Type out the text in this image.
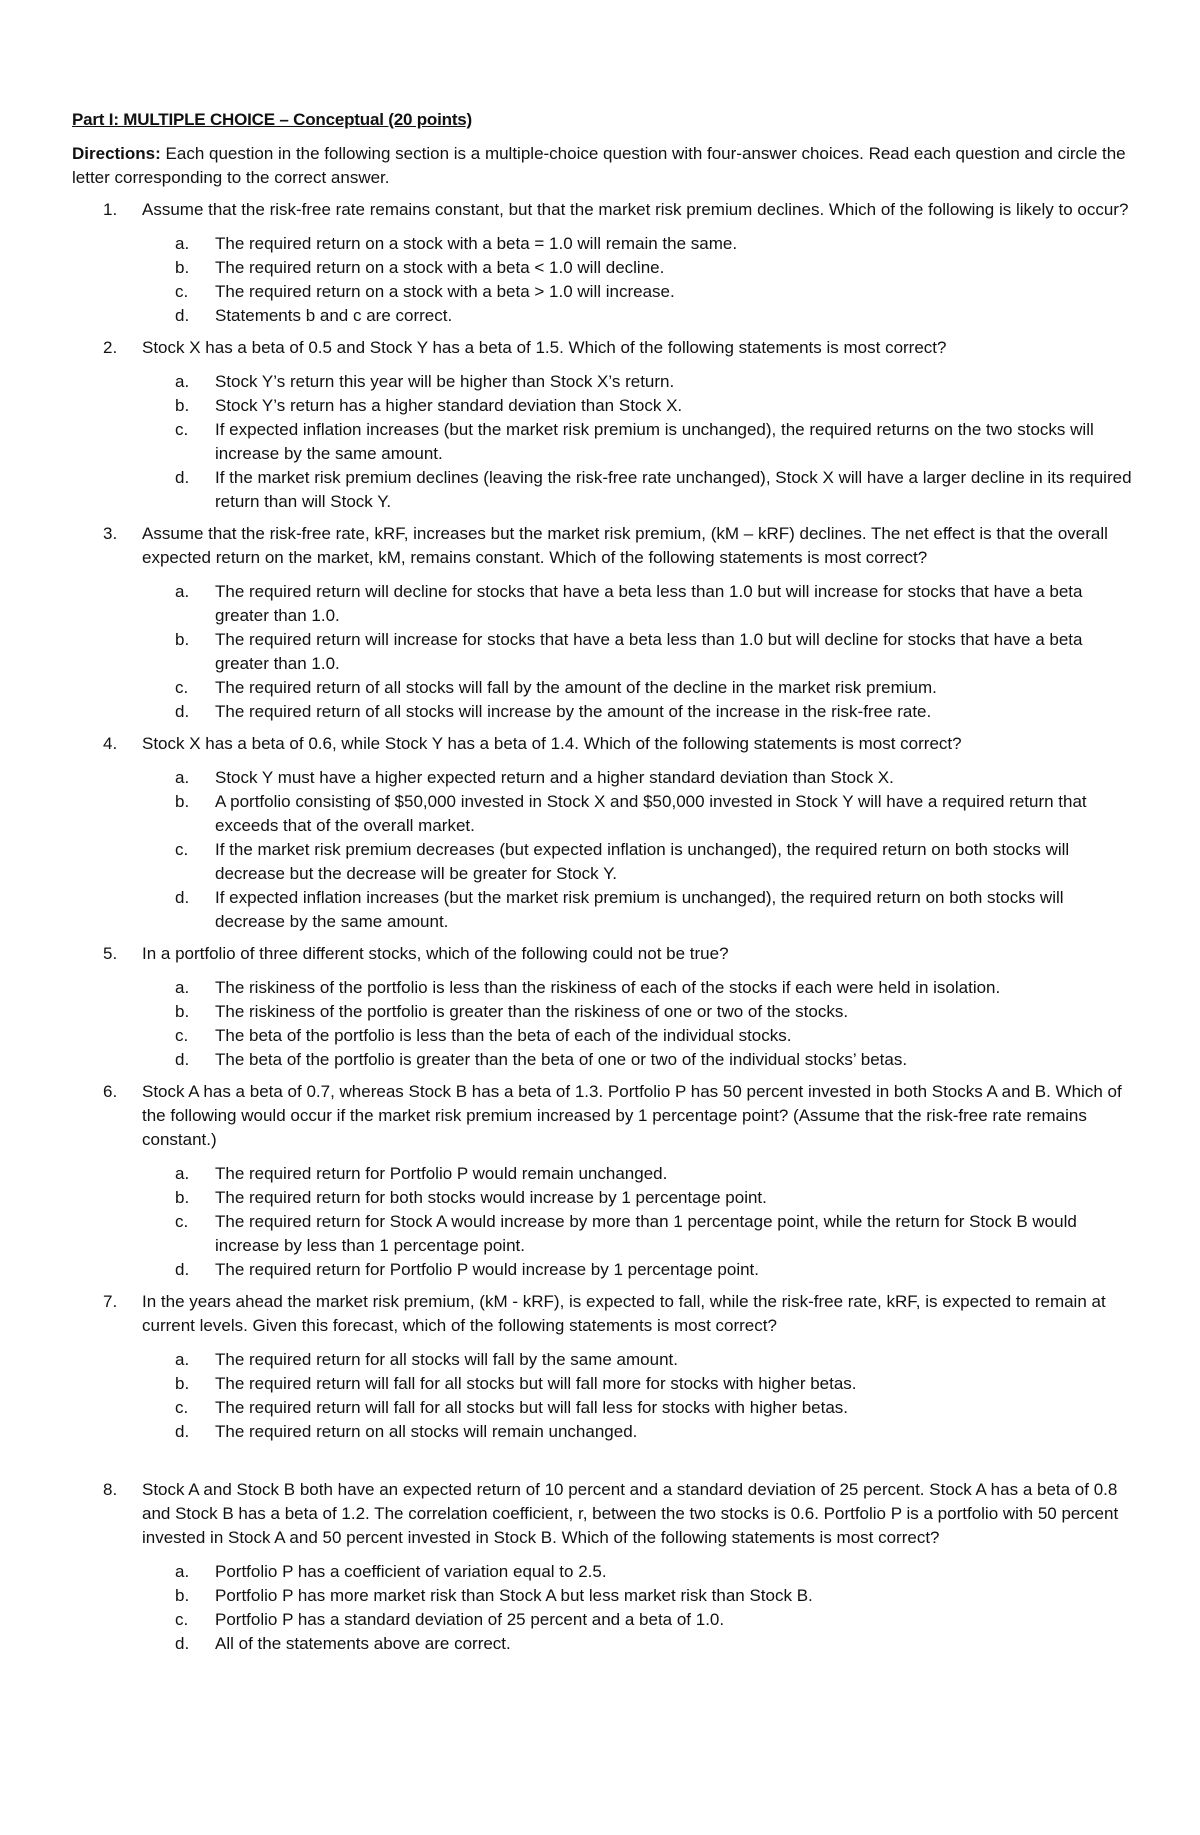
Part I: MULTIPLE CHOICE – Conceptual (20 points)
Directions: Each question in the following section is a multiple-choice question with four-answer choices. Read each question and circle the letter corresponding to the correct answer.
1. Assume that the risk-free rate remains constant, but that the market risk premium declines. Which of the following is likely to occur?
a. The required return on a stock with a beta = 1.0 will remain the same.
b. The required return on a stock with a beta < 1.0 will decline.
c. The required return on a stock with a beta > 1.0 will increase.
d. Statements b and c are correct.
2. Stock X has a beta of 0.5 and Stock Y has a beta of 1.5. Which of the following statements is most correct?
a. Stock Y’s return this year will be higher than Stock X’s return.
b. Stock Y’s return has a higher standard deviation than Stock X.
c. If expected inflation increases (but the market risk premium is unchanged), the required returns on the two stocks will increase by the same amount.
d. If the market risk premium declines (leaving the risk-free rate unchanged), Stock X will have a larger decline in its required return than will Stock Y.
3. Assume that the risk-free rate, kRF, increases but the market risk premium, (kM – kRF) declines. The net effect is that the overall expected return on the market, kM, remains constant. Which of the following statements is most correct?
a. The required return will decline for stocks that have a beta less than 1.0 but will increase for stocks that have a beta greater than 1.0.
b. The required return will increase for stocks that have a beta less than 1.0 but will decline for stocks that have a beta greater than 1.0.
c. The required return of all stocks will fall by the amount of the decline in the market risk premium.
d. The required return of all stocks will increase by the amount of the increase in the risk-free rate.
4. Stock X has a beta of 0.6, while Stock Y has a beta of 1.4. Which of the following statements is most correct?
a. Stock Y must have a higher expected return and a higher standard deviation than Stock X.
b. A portfolio consisting of $50,000 invested in Stock X and $50,000 invested in Stock Y will have a required return that exceeds that of the overall market.
c. If the market risk premium decreases (but expected inflation is unchanged), the required return on both stocks will decrease but the decrease will be greater for Stock Y.
d. If expected inflation increases (but the market risk premium is unchanged), the required return on both stocks will decrease by the same amount.
5. In a portfolio of three different stocks, which of the following could not be true?
a. The riskiness of the portfolio is less than the riskiness of each of the stocks if each were held in isolation.
b. The riskiness of the portfolio is greater than the riskiness of one or two of the stocks.
c. The beta of the portfolio is less than the beta of each of the individual stocks.
d. The beta of the portfolio is greater than the beta of one or two of the individual stocks’ betas.
6. Stock A has a beta of 0.7, whereas Stock B has a beta of 1.3. Portfolio P has 50 percent invested in both Stocks A and B. Which of the following would occur if the market risk premium increased by 1 percentage point? (Assume that the risk-free rate remains constant.)
a. The required return for Portfolio P would remain unchanged.
b. The required return for both stocks would increase by 1 percentage point.
c. The required return for Stock A would increase by more than 1 percentage point, while the return for Stock B would increase by less than 1 percentage point.
d. The required return for Portfolio P would increase by 1 percentage point.
7. In the years ahead the market risk premium, (kM - kRF), is expected to fall, while the risk-free rate, kRF, is expected to remain at current levels. Given this forecast, which of the following statements is most correct?
a. The required return for all stocks will fall by the same amount.
b. The required return will fall for all stocks but will fall more for stocks with higher betas.
c. The required return will fall for all stocks but will fall less for stocks with higher betas.
d. The required return on all stocks will remain unchanged.
8. Stock A and Stock B both have an expected return of 10 percent and a standard deviation of 25 percent. Stock A has a beta of 0.8 and Stock B has a beta of 1.2. The correlation coefficient, r, between the two stocks is 0.6. Portfolio P is a portfolio with 50 percent invested in Stock A and 50 percent invested in Stock B. Which of the following statements is most correct?
a. Portfolio P has a coefficient of variation equal to 2.5.
b. Portfolio P has more market risk than Stock A but less market risk than Stock B.
c. Portfolio P has a standard deviation of 25 percent and a beta of 1.0.
d. All of the statements above are correct.
